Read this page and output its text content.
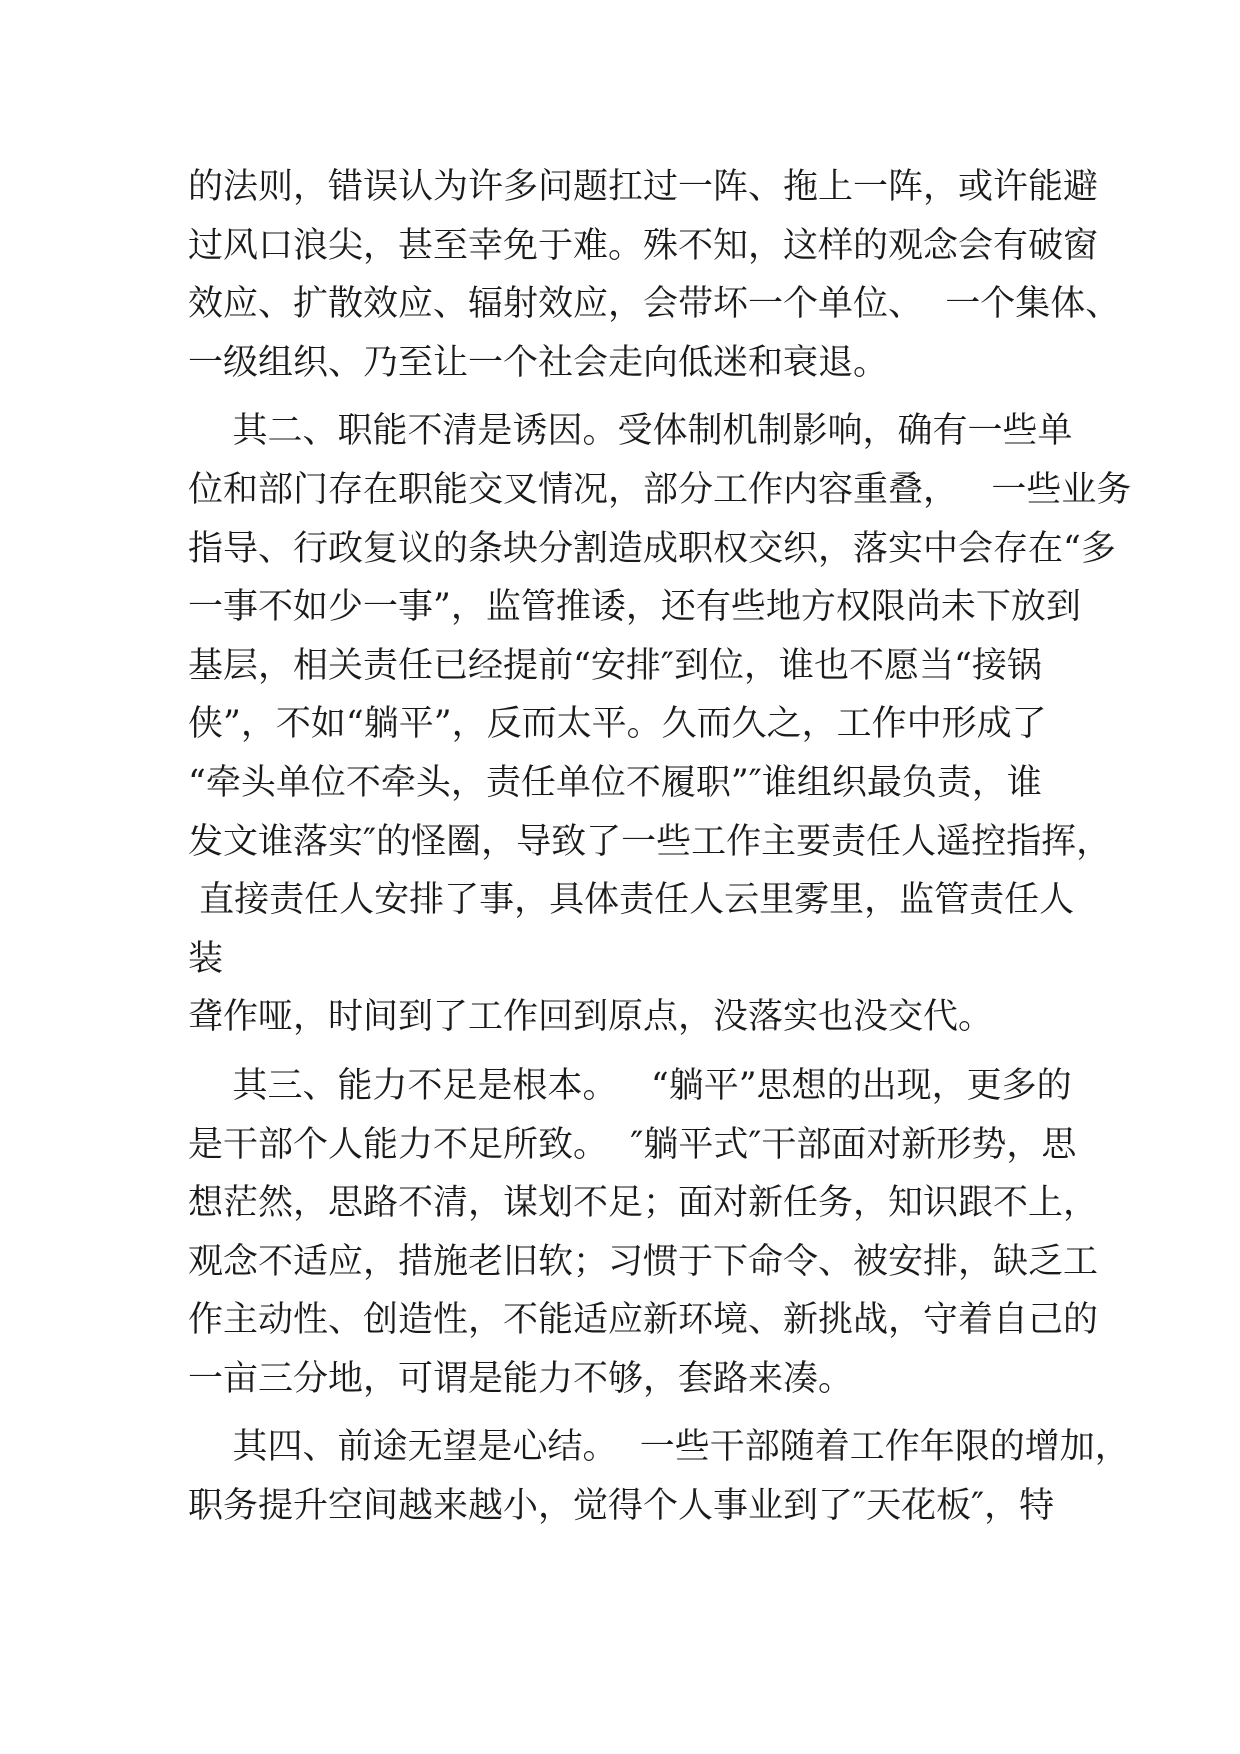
的法则，错误认为许多问题扛过一阵、拖上一阵，或许能避
过风口浪尖，甚至幸免于难。殊不知，这样的观念会有破窗
效应、扩散效应、辐射效应，会带坏一个单位、  一个集体、
一级组织、乃至让一个社会走向低迷和衰退。
其二、职能不清是诱因。受体制机制影响，确有一些单
位和部门存在职能交叉情况，部分工作内容重叠，   一些业务
指导、行政复议的条块分割造成职权交织，落实中会存在“多
一事不如少一事”，监管推诿，还有些地方权限尚未下放到
基层，相关责任已经提前“安排″到位，谁也不愿当“接锅
侠”，不如“躺平”，反而太平。久而久之，工作中形成了
“牵头单位不牵头，责任单位不履职”″谁组织最负责，谁
发文谁落实″的怪圈，导致了一些工作主要责任人遥控指挥，
直接责任人安排了事，具体责任人云里雾里，监管责任人
装
聋作哑，时间到了工作回到原点，没落实也没交代。
其三、能力不足是根本。   “躺平”思想的出现，更多的
是干部个人能力不足所致。  ″躺平式″干部面对新形势，思
想茫然，思路不清，谋划不足；面对新任务，知识跟不上，
观念不适应，措施老旧软；习惯于下命令、被安排，缺乏工
作主动性、创造性，不能适应新环境、新挑战，守着自己的
一亩三分地，可谓是能力不够，套路来凑。
其四、前途无望是心结。  一些干部随着工作年限的增加，
职务提升空间越来越小，觉得个人事业到了″天花板″，特
